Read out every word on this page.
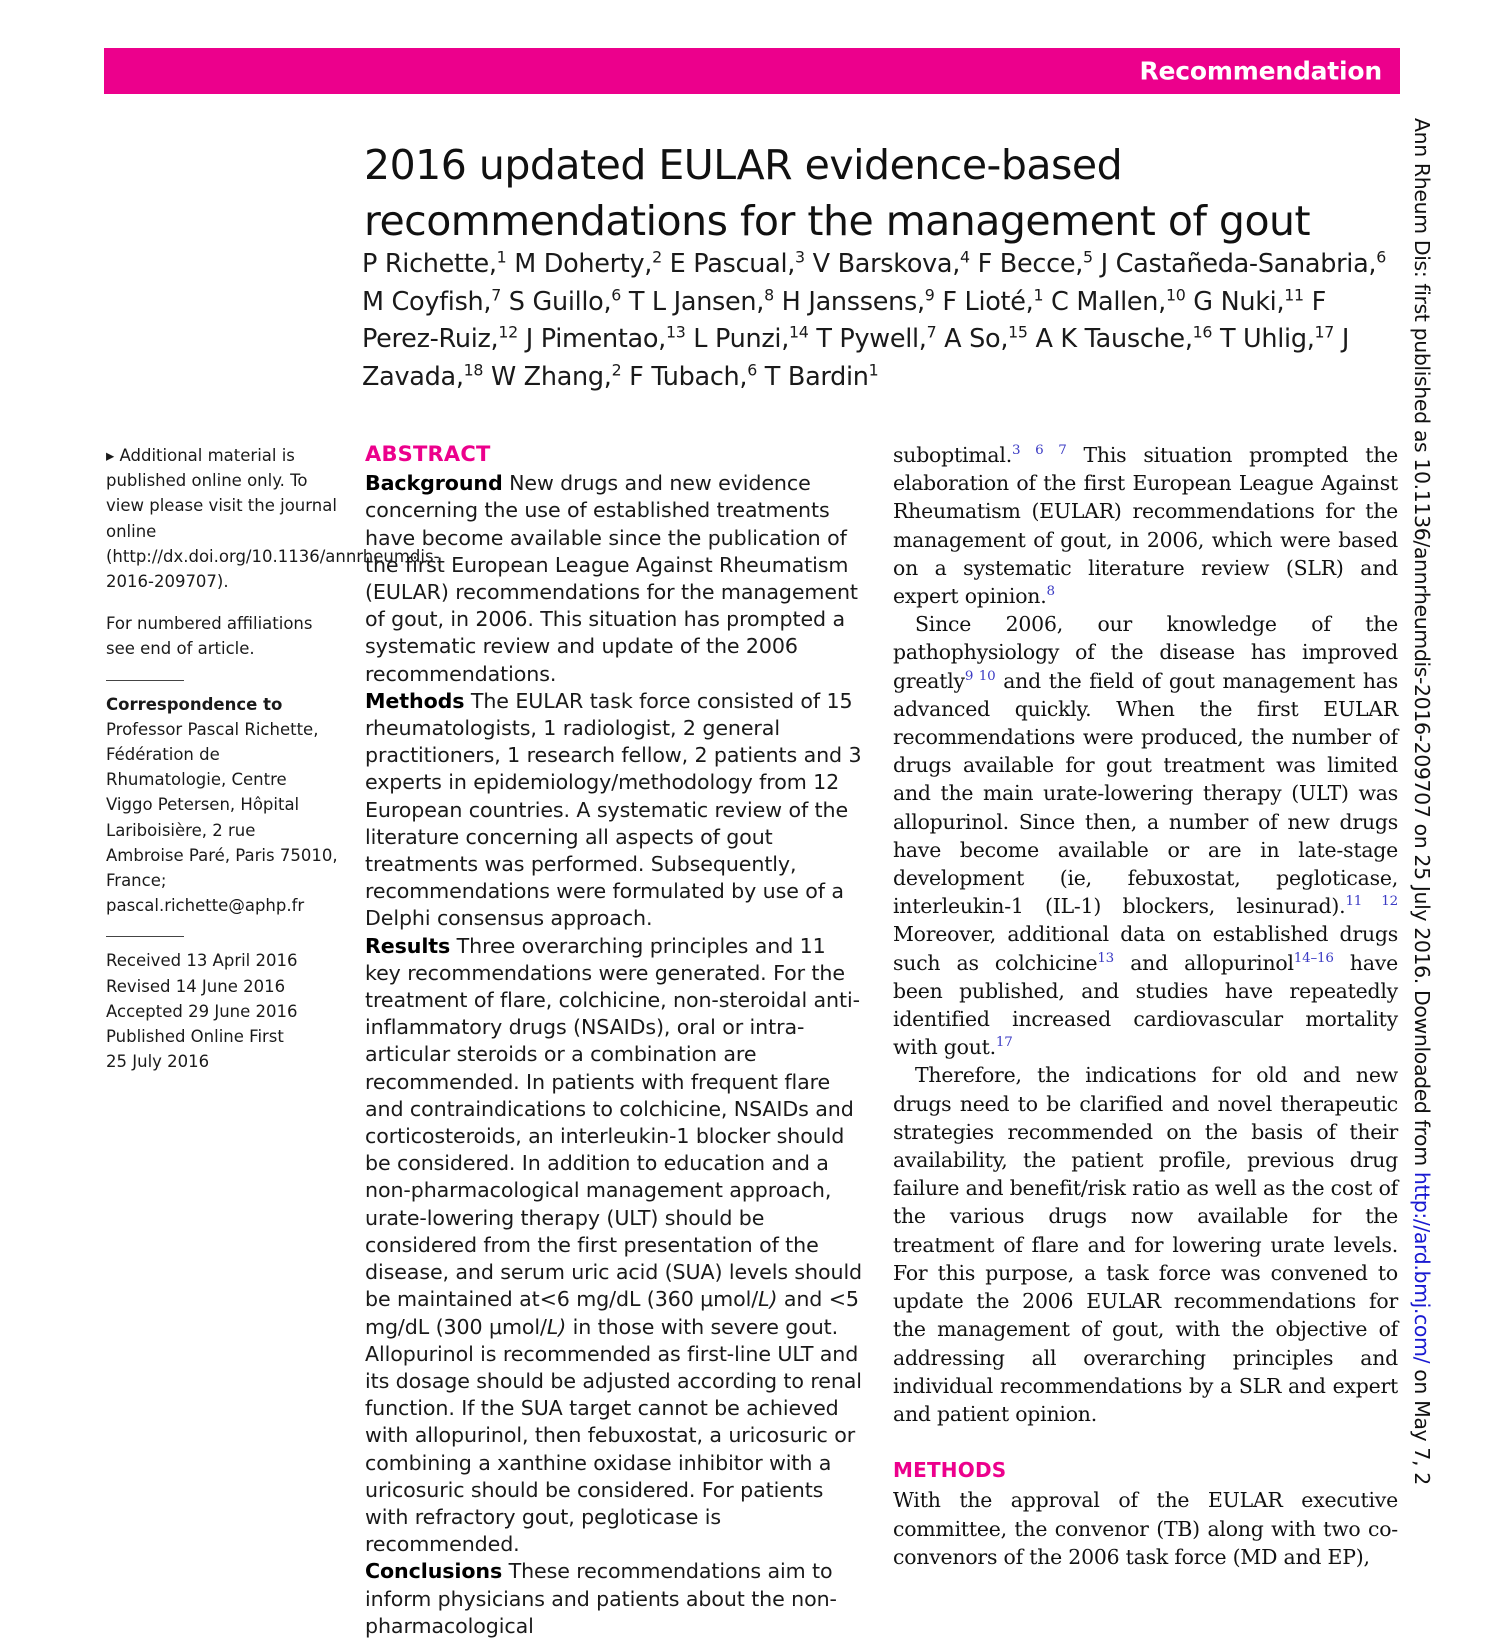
Recommendation
2016 updated EULAR evidence-based recommendations for the management of gout
P Richette,$^1$ M Doherty,$^2$ E Pascual,$^3$ V Barskova,$^4$ F Becce,$^5$ J Castañeda-Sanabria,$^6$ M Coyfish,$^7$ S Guillo,$^6$ T L Jansen,$^8$ H Janssens,$^9$ F Lioté,$^1$ C Mallen,$^{10}$ G Nuki,$^{11}$ F Perez-Ruiz,$^{12}$ J Pimentao,$^{13}$ L Punzi,$^{14}$ T Pywell,$^7$ A So,$^{15}$ A K Tausche,$^{16}$ T Uhlig,$^{17}$ J Zavada,$^{18}$ W Zhang,$^2$ F Tubach,$^6$ T Bardin$^1$

▸ Additional material is published online only. To view please visit the journal online (http://dx.doi.org/10.1136/annrheumdis-2016-209707).

For numbered affiliations see end of article.

Correspondence to

Professor Pascal Richette, Fédération de Rhumatologie, Centre Viggo Petersen, Hôpital Lariboisière, 2 rue Ambroise Paré, Paris 75010, France; pascal.richette@aphp.fr

Received 13 April 2016
Revised 14 June 2016
Accepted 29 June 2016
Published Online First
25 July 2016

ABSTRACT

Background New drugs and new evidence concerning the use of established treatments have become available since the publication of the first European League Against Rheumatism (EULAR) recommendations for the management of gout, in 2006. This situation has prompted a systematic review and update of the 2006 recommendations.

Methods The EULAR task force consisted of 15 rheumatologists, 1 radiologist, 2 general practitioners, 1 research fellow, 2 patients and 3 experts in epidemiology/methodology from 12 European countries. A systematic review of the literature concerning all aspects of gout treatments was performed. Subsequently, recommendations were formulated by use of a Delphi consensus approach.

Results Three overarching principles and 11 key recommendations were generated. For the treatment of flare, colchicine, non-steroidal anti-inflammatory drugs (NSAIDs), oral or intra-articular steroids or a combination are recommended. In patients with frequent flare and contraindications to colchicine, NSAIDs and corticosteroids, an interleukin-1 blocker should be considered. In addition to education and a non-pharmacological management approach, urate-lowering therapy (ULT) should be considered from the first presentation of the disease, and serum uric acid (SUA) levels should be maintained at<6 mg/dL (360 μmol/L) and <5 mg/dL (300 μmol/L) in those with severe gout. Allopurinol is recommended as first-line ULT and its dosage should be adjusted according to renal function. If the SUA target cannot be achieved with allopurinol, then febuxostat, a uricosuric or combining a xanthine oxidase inhibitor with a uricosuric should be considered. For patients with refractory gout, pegloticase is recommended.

Conclusions These recommendations aim to inform physicians and patients about the non-pharmacological

suboptimal.$^{3 6 7}$ This situation prompted the elaboration of the first European League Against Rheumatism (EULAR) recommendations for the management of gout, in 2006, which were based on a systematic literature review (SLR) and expert opinion.$^8$

Since 2006, our knowledge of the pathophysiology of the disease has improved greatly$^{9 10}$ and the field of gout management has advanced quickly. When the first EULAR recommendations were produced, the number of drugs available for gout treatment was limited and the main urate-lowering therapy (ULT) was allopurinol. Since then, a number of new drugs have become available or are in late-stage development (ie, febuxostat, pegloticase, interleukin-1 (IL-1) blockers, lesinurad).$^{11 12}$ Moreover, additional data on established drugs such as colchicine$^{13}$ and allopurinol$^{14-16}$ have been published, and studies have repeatedly identified increased cardiovascular mortality with gout.$^{17}$

Therefore, the indications for old and new drugs need to be clarified and novel therapeutic strategies recommended on the basis of their availability, the patient profile, previous drug failure and benefit/risk ratio as well as the cost of the various drugs now available for the treatment of flare and for lowering urate levels. For this purpose, a task force was convened to update the 2006 EULAR recommendations for the management of gout, with the objective of addressing all overarching principles and individual recommendations by a SLR and expert and patient opinion.

METHODS

With the approval of the EULAR executive committee, the convenor (TB) along with two co-convenors of the 2006 task force (MD and EP),

Ann Rheum Dis: first published as 10.1136/annrheumdis-2016-209707 on 25 July 2016. Downloaded from http://ard.bmj.com/ on May 7, 2
